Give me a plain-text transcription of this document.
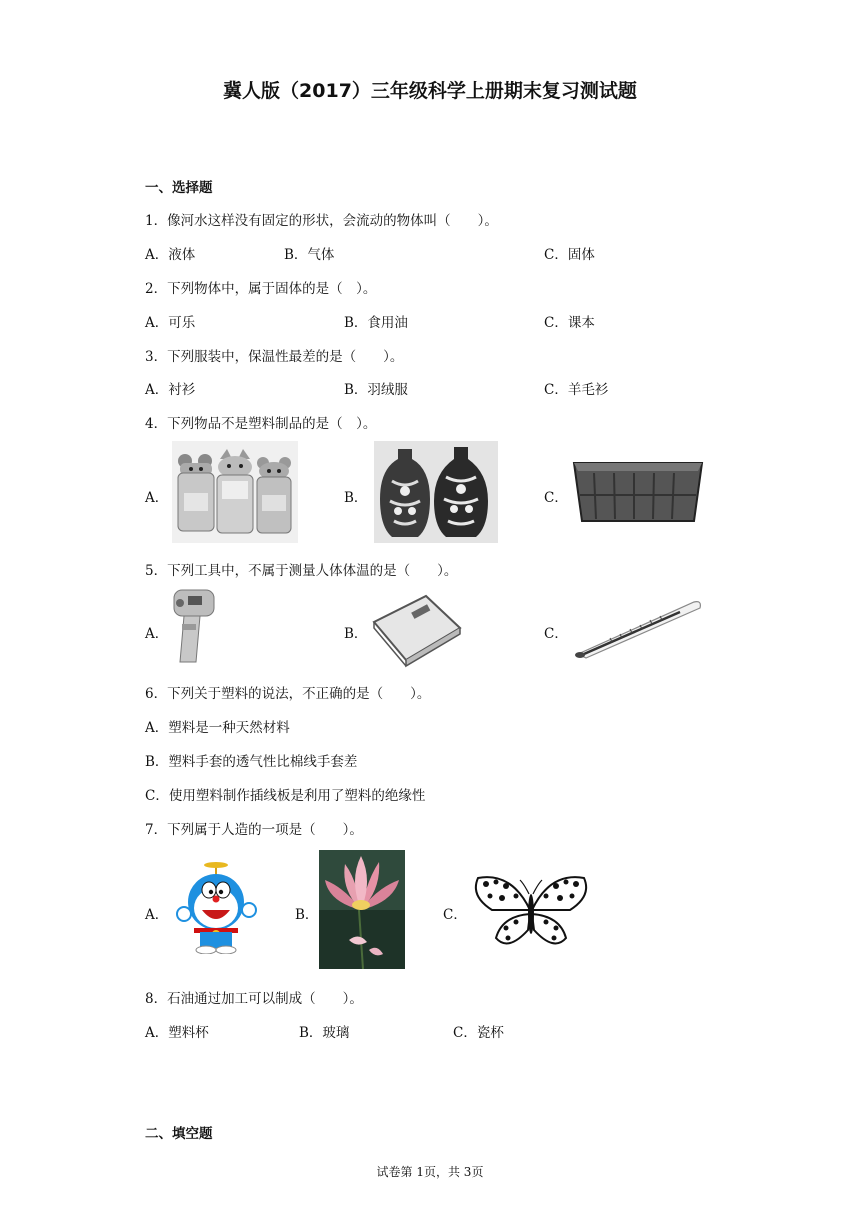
冀人版（2017）三年级科学上册期末复习测试题
一、选择题
1．像河水这样没有固定的形状，会流动的物体叫（　　）。
A．液体	B．气体	C．固体
2．下列物体中，属于固体的是（　）。
A．可乐	B．食用油	C．课本
3．下列服装中，保温性最差的是（　　）。
A．衬衫	B．羽绒服	C．羊毛衫
4．下列物品不是塑料制品的是（　）。
A．	B．	C．
5．下列工具中，不属于测量人体体温的是（　　）。
A．	B．	C．
6．下列关于塑料的说法，不正确的是（　　）。
A．塑料是一种天然材料
B．塑料手套的透气性比棉线手套差
C．使用塑料制作插线板是利用了塑料的绝缘性
7．下列属于人造的一项是（　　）。
A．	B．	C．
8．石油通过加工可以制成（　　）。
A．塑料杯	B．玻璃	C．瓷杯
二、填空题
试卷第 1页，共 3页
